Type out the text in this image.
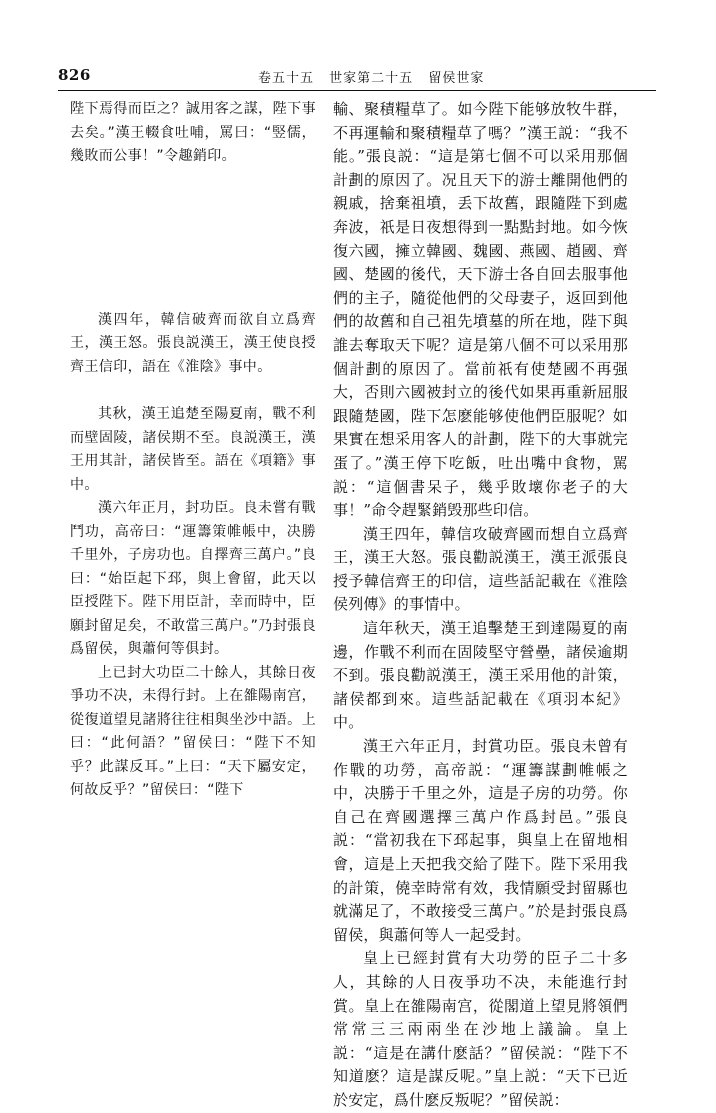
826	卷五十五 世家第二十五 留侯世家

陛下焉得而臣之？誠用客之謀，陛下事去矣。”漢王輟食吐哺，罵曰：“竪儒，幾敗而公事！”令趣銷印。

漢四年，韓信破齊而欲自立爲齊王，漢王怒。張良説漢王，漢王使良授齊王信印，語在《淮陰》事中。

其秋，漢王追楚至陽夏南，戰不利而壁固陵，諸侯期不至。良説漢王，漢王用其計，諸侯皆至。語在《項籍》事中。

漢六年正月，封功臣。良未嘗有戰鬥功，高帝曰：“運籌策帷帳中，决勝千里外，子房功也。自擇齊三萬户。”良曰：“始臣起下邳，與上會留，此天以臣授陛下。陛下用臣計，幸而時中，臣願封留足矣，不敢當三萬户。”乃封張良爲留侯，與蕭何等俱封。

上已封大功臣二十餘人，其餘日夜爭功不决，未得行封。上在雒陽南宫，從復道望見諸將往往相與坐沙中語。上曰：“此何語？”留侯曰：“陛下不知乎？此謀反耳。”上曰：“天下屬安定，何故反乎？”留侯曰：“陛下

輸、聚積糧草了。如今陛下能够放牧牛群，不再運輸和聚積糧草了嗎？”漢王説：“我不能。”張良説：“這是第七個不可以采用那個計劃的原因了。况且天下的游士離開他們的親戚，捨棄祖墳，丢下故舊，跟隨陛下到處奔波，祇是日夜想得到一點點封地。如今恢復六國，擁立韓國、魏國、燕國、趙國、齊國、楚國的後代，天下游士各自回去服事他們的主子，隨從他們的父母妻子，返回到他們的故舊和自己祖先墳墓的所在地，陛下與誰去奪取天下呢？這是第八個不可以采用那個計劃的原因了。當前祇有使楚國不再强大，否則六國被封立的後代如果再重新屈服跟隨楚國，陛下怎麽能够使他們臣服呢？如果實在想采用客人的計劃，陛下的大事就完蛋了。”漢王停下吃飯，吐出嘴中食物，駡説：“這個書呆子，幾乎敗壞你老子的大事！”命令趕緊銷毁那些印信。

漢王四年，韓信攻破齊國而想自立爲齊王，漢王大怒。張良勸説漢王，漢王派張良授予韓信齊王的印信，這些話記載在《淮陰侯列傳》的事情中。

這年秋天，漢王追擊楚王到達陽夏的南邊，作戰不利而在固陵堅守營壘，諸侯逾期不到。張良勸説漢王，漢王采用他的計策，諸侯都到來。這些話記載在《項羽本紀》中。

漢王六年正月，封賞功臣。張良未曾有作戰的功勞，高帝説：“運籌謀劃帷帳之中，决勝于千里之外，這是子房的功勞。你自己在齊國選擇三萬户作爲封邑。”張良説：“當初我在下邳起事，與皇上在留地相會，這是上天把我交給了陛下。陛下采用我的計策，僥幸時常有效，我情願受封留縣也就滿足了，不敢接受三萬户。”於是封張良爲留侯，與蕭何等人一起受封。

皇上已經封賞有大功勞的臣子二十多人，其餘的人日夜爭功不决，未能進行封賞。皇上在雒陽南宫，從閣道上望見將領們常常三三兩兩坐在沙地上議論。皇上説：“這是在講什麽話？”留侯説：“陛下不知道麽？這是謀反呢。”皇上説：“天下已近於安定，爲什麽反叛呢？”留侯説：
